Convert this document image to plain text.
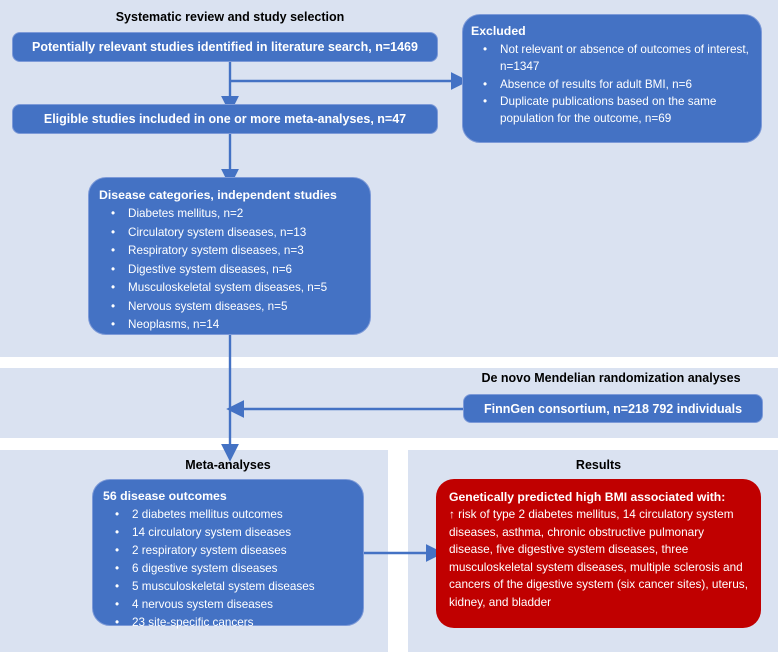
Systematic review and study selection
Potentially relevant studies identified in literature search, n=1469
Eligible studies included in one or more meta-analyses, n=47
Excluded
• Not relevant or absence of outcomes of interest, n=1347
• Absence of results for adult BMI, n=6
• Duplicate publications based on the same population for the outcome, n=69
Disease categories, independent studies
• Diabetes mellitus, n=2
• Circulatory system diseases, n=13
• Respiratory system diseases, n=3
• Digestive system diseases, n=6
• Musculoskeletal system diseases, n=5
• Nervous system diseases, n=5
• Neoplasms, n=14
De novo Mendelian randomization analyses
FinnGen consortium, n=218 792 individuals
Meta-analyses
56 disease outcomes
• 2 diabetes mellitus outcomes
• 14 circulatory system diseases
• 2 respiratory system diseases
• 6 digestive system diseases
• 5 musculoskeletal system diseases
• 4 nervous system diseases
• 23 site-specific cancers
Results
Genetically predicted high BMI associated with:
↑ risk of type 2 diabetes mellitus, 14 circulatory system diseases, asthma, chronic obstructive pulmonary disease, five digestive system diseases, three musculoskeletal system diseases, multiple sclerosis and cancers of the digestive system (six cancer sites), uterus, kidney, and bladder
